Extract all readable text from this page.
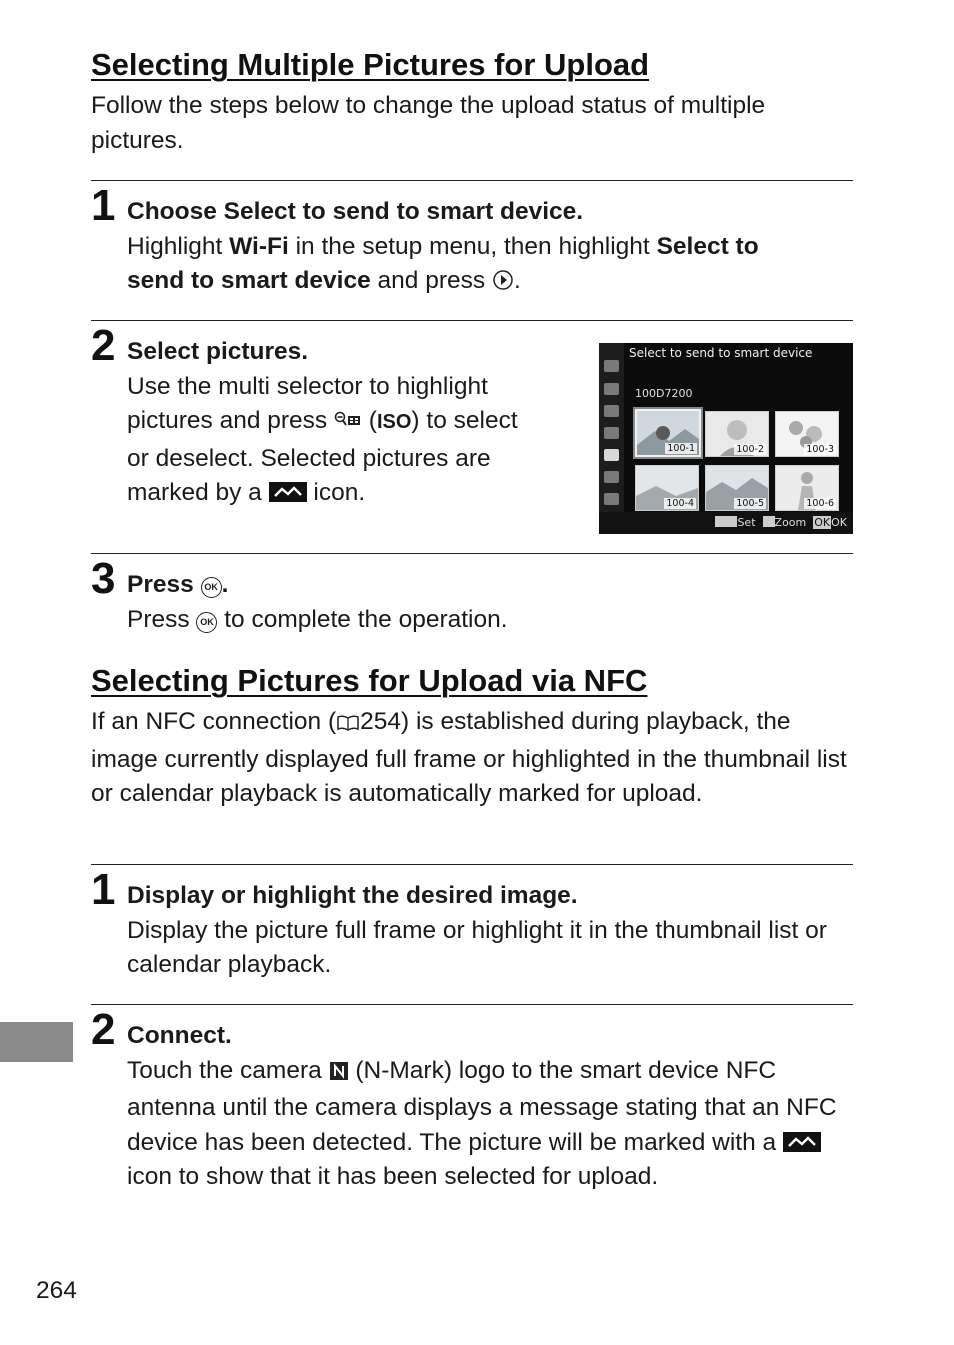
Selecting Multiple Pictures for Upload

Follow the steps below to change the upload status of multiple pictures.

1 Choose Select to send to smart device.
Highlight Wi-Fi in the setup menu, then highlight Select to
send to smart device and press .
2 Select pictures.
Use the multi selector to highlight
pictures and press  (ISO) to select
or deselect. Selected pictures are
marked by a
icon.
Select to send to smart device
100D7200
100-1	100-2	100-3
100-4	100-5	100-6
Set Zoom OKOK
3 Press OK .
Press OK to complete the operation.
Selecting Pictures for Upload via NFC

If an NFC connection ( 254) is established during playback, the image currently displayed full frame or highlighted in the thumbnail list or calendar playback is automatically marked for upload.

1 Display or highlight the desired image.
Display the picture full frame or highlight it in the thumbnail list or calendar playback.
2 Connect.
Touch the camera  (N-Mark) logo to the smart device NFC antenna until the camera displays a message stating that an NFC device has been detected. The picture will be marked with a
icon to show that it has been selected for upload.
264
